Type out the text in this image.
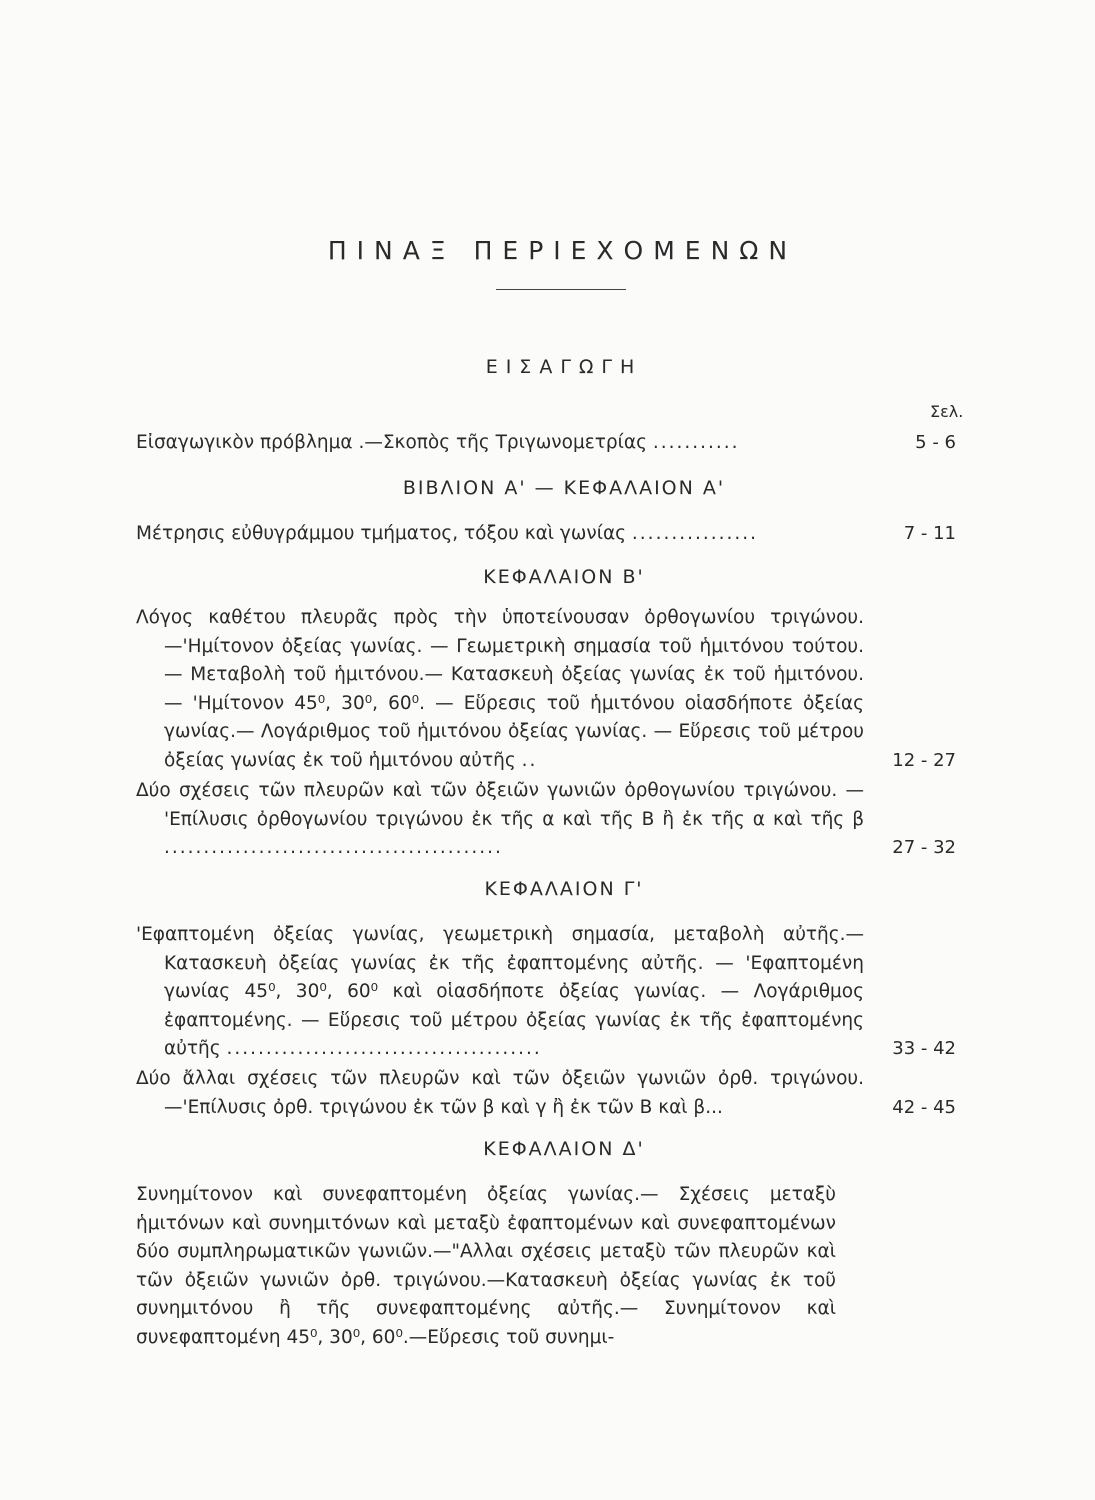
ΠΙΝΑΞ ΠΕΡΙΕΧΟΜΕΝΩΝ
ΕΙΣΑΓΩΓΗ
Σελ.
Εἰσαγωγικὸν πρόβλημα .—Σκοπὸς τῆς Τριγωνομετρίας ...........	5 - 6
ΒΙΒΛΙΟΝ Α' — ΚΕΦΑΛΑΙΟΝ Α'
Μέτρησις εὐθυγράμμου τμήματος, τόξου καὶ γωνίας ................	7 - 11
ΚΕΦΑΛΑΙΟΝ Β'
Λόγος καθέτου πλευρᾶς πρὸς τὴν ὑποτείνουσαν ὀρθογωνίου τριγώνου. —'Ημίτονον ὀξείας γωνίας. — Γεωμετρικὴ σημασία τοῦ ἡμιτόνου τούτου.— Μεταβολὴ τοῦ ἡμιτόνου.— Κατασκευὴ ὀξείας γωνίας ἐκ τοῦ ἡμιτόνου.— 'Ημίτονον 45⁰, 30⁰, 60⁰. — Εὕρεσις τοῦ ἡμιτόνου οἱασδήποτε ὀξείας γωνίας.— Λογάριθμος τοῦ ἡμιτόνου ὀξείας γωνίας. — Εὕρεσις τοῦ μέτρου ὀξείας γωνίας ἐκ τοῦ ἡμιτόνου αὐτῆς ..	12 - 27
Δύο σχέσεις τῶν πλευρῶν καὶ τῶν ὀξειῶν γωνιῶν ὀρθογωνίου τριγώνου. — 'Επίλυσις ὀρθογωνίου τριγώνου ἐκ τῆς α καὶ τῆς Β ἢ ἐκ τῆς α καὶ τῆς β ...........................................	27 - 32
ΚΕΦΑΛΑΙΟΝ Γ'
'Εφαπτομένη ὀξείας γωνίας, γεωμετρικὴ σημασία, μεταβολὴ αὐτῆς.— Κατασκευὴ ὀξείας γωνίας ἐκ τῆς ἐφαπτομένης αὐτῆς. — 'Εφαπτομένη γωνίας 45⁰, 30⁰, 60⁰ καὶ οἱασδήποτε ὀξείας γωνίας. — Λογάριθμος ἐφαπτομένης. — Εὕρεσις τοῦ μέτρου ὀξείας γωνίας ἐκ τῆς ἐφαπτομένης αὐτῆς ........................................	33 - 42
Δύο ἄλλαι σχέσεις τῶν πλευρῶν καὶ τῶν ὀξειῶν γωνιῶν ὀρθ. τριγώνου. —'Επίλυσις ὀρθ. τριγώνου ἐκ τῶν β καὶ γ ἢ ἐκ τῶν Β καὶ β...	42 - 45
ΚΕΦΑΛΑΙΟΝ Δ'
Συνημίτονον καὶ συνεφαπτομένη ὀξείας γωνίας.— Σχέσεις μεταξὺ ἡμιτόνων καὶ συνημιτόνων καὶ μεταξὺ ἐφαπτομένων καὶ συνεφαπτομένων δύο συμπληρωματικῶν γωνιῶν.—"Αλλαι σχέσεις μεταξὺ τῶν πλευρῶν καὶ τῶν ὀξειῶν γωνιῶν ὀρθ. τριγώνου.—Κατασκευὴ ὀξείας γωνίας ἐκ τοῦ συνημιτόνου ἢ τῆς συνεφαπτομένης αὐτῆς.— Συνημίτονον καὶ συνεφαπτομένη 45⁰, 30⁰, 60⁰.—Εὕρεσις τοῦ συνημι-
